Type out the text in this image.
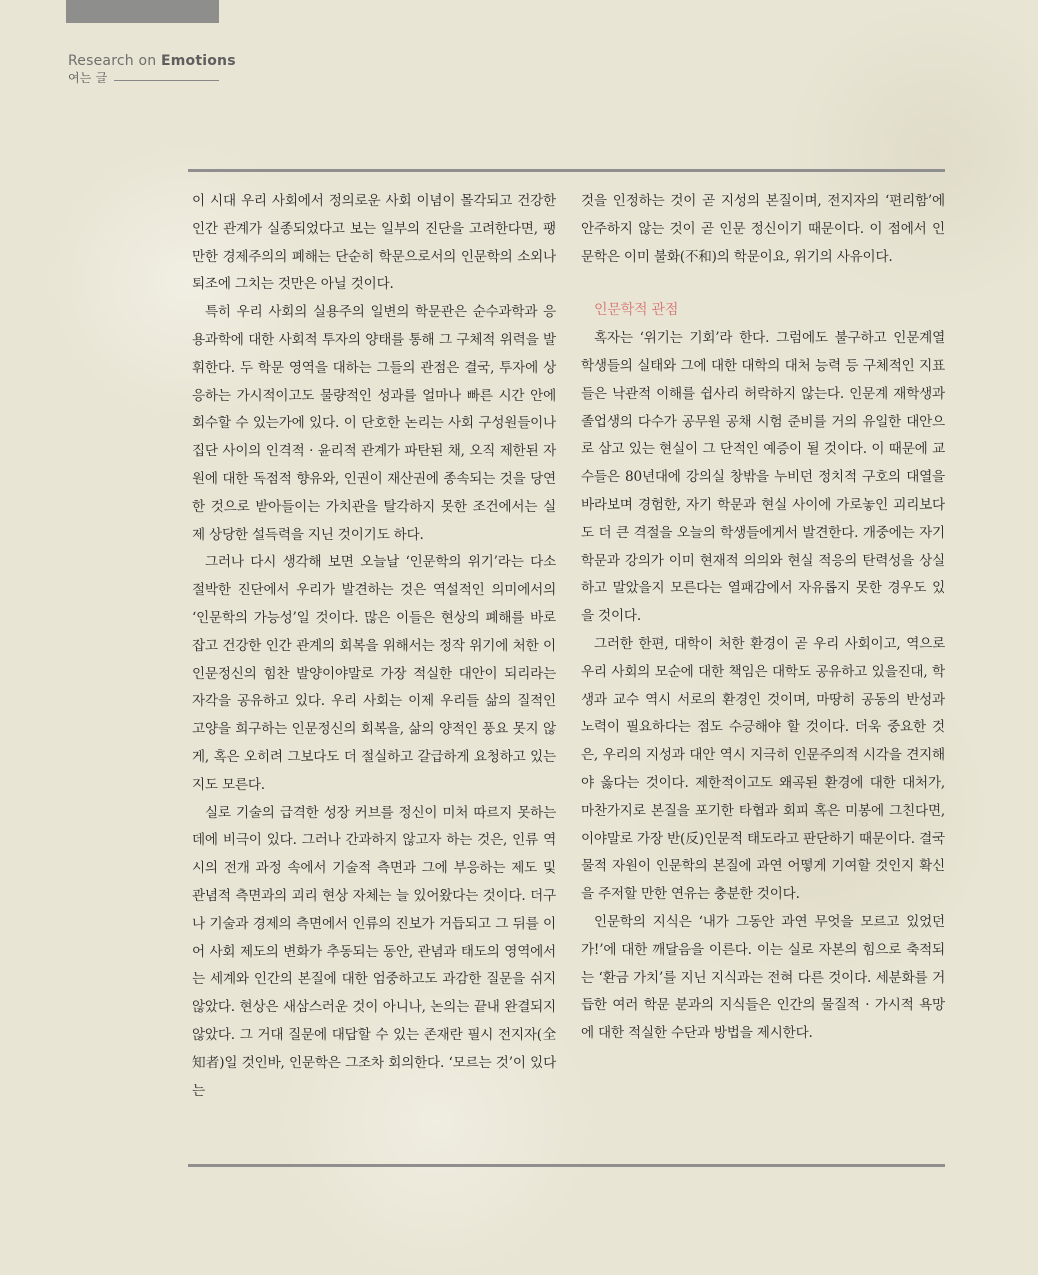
Research on Emotions
여는 글

이 시대 우리 사회에서 정의로운 사회 이념이 몰각되고 건강한 인간 관계가 실종되었다고 보는 일부의 진단을 고려한다면, 팽만한 경제주의의 폐해는 단순히 학문으로서의 인문학의 소외나 퇴조에 그치는 것만은 아닐 것이다.

특히 우리 사회의 실용주의 일변의 학문관은 순수과학과 응용과학에 대한 사회적 투자의 양태를 통해 그 구체적 위력을 발휘한다. 두 학문 영역을 대하는 그들의 관점은 결국, 투자에 상응하는 가시적이고도 물량적인 성과를 얼마나 빠른 시간 안에 회수할 수 있는가에 있다. 이 단호한 논리는 사회 구성원들이나 집단 사이의 인격적 · 윤리적 관계가 파탄된 채, 오직 제한된 자원에 대한 독점적 향유와, 인권이 재산권에 종속되는 것을 당연한 것으로 받아들이는 가치관을 탈각하지 못한 조건에서는 실제 상당한 설득력을 지닌 것이기도 하다.

그러나 다시 생각해 보면 오늘날 ‘인문학의 위기’라는 다소 절박한 진단에서 우리가 발견하는 것은 역설적인 의미에서의 ‘인문학의 가능성’일 것이다. 많은 이들은 현상의 폐해를 바로잡고 건강한 인간 관계의 회복을 위해서는 정작 위기에 처한 이 인문정신의 힘찬 발양이야말로 가장 적실한 대안이 되리라는 자각을 공유하고 있다. 우리 사회는 이제 우리들 삶의 질적인 고양을 희구하는 인문정신의 회복을, 삶의 양적인 풍요 못지 않게, 혹은 오히려 그보다도 더 절실하고 갈급하게 요청하고 있는지도 모른다.

실로 기술의 급격한 성장 커브를 정신이 미처 따르지 못하는 데에 비극이 있다. 그러나 간과하지 않고자 하는 것은, 인류 역시의 전개 과정 속에서 기술적 측면과 그에 부응하는 제도 및 관념적 측면과의 괴리 현상 자체는 늘 있어왔다는 것이다. 더구나 기술과 경제의 측면에서 인류의 진보가 거듭되고 그 뒤를 이어 사회 제도의 변화가 추동되는 동안, 관념과 태도의 영역에서는 세계와 인간의 본질에 대한 엄중하고도 과감한 질문을 쉬지 않았다. 현상은 새삼스러운 것이 아니나, 논의는 끝내 완결되지 않았다. 그 거대 질문에 대답할 수 있는 존재란 필시 전지자(全知者)일 것인바, 인문학은 그조차 회의한다. ‘모르는 것’이 있다는

것을 인정하는 것이 곧 지성의 본질이며, 전지자의 ‘편리함’에 안주하지 않는 것이 곧 인문 정신이기 때문이다. 이 점에서 인문학은 이미 불화(不和)의 학문이요, 위기의 사유이다.

인문학적 관점

혹자는 ‘위기는 기회’라 한다. 그럼에도 불구하고 인문계열 학생들의 실태와 그에 대한 대학의 대처 능력 등 구체적인 지표들은 낙관적 이해를 쉽사리 허락하지 않는다. 인문계 재학생과 졸업생의 다수가 공무원 공채 시험 준비를 거의 유일한 대안으로 삼고 있는 현실이 그 단적인 예증이 될 것이다. 이 때문에 교수들은 80년대에 강의실 창밖을 누비던 정치적 구호의 대열을 바라보며 경험한, 자기 학문과 현실 사이에 가로놓인 괴리보다도 더 큰 격절을 오늘의 학생들에게서 발견한다. 개중에는 자기 학문과 강의가 이미 현재적 의의와 현실 적응의 탄력성을 상실하고 말았을지 모른다는 열패감에서 자유롭지 못한 경우도 있을 것이다.

그러한 한편, 대학이 처한 환경이 곧 우리 사회이고, 역으로 우리 사회의 모순에 대한 책임은 대학도 공유하고 있을진대, 학생과 교수 역시 서로의 환경인 것이며, 마땅히 공동의 반성과 노력이 필요하다는 점도 수긍해야 할 것이다. 더욱 중요한 것은, 우리의 지성과 대안 역시 지극히 인문주의적 시각을 견지해야 옳다는 것이다. 제한적이고도 왜곡된 환경에 대한 대처가, 마찬가지로 본질을 포기한 타협과 회피 혹은 미봉에 그친다면, 이야말로 가장 반(反)인문적 태도라고 판단하기 때문이다. 결국 물적 자원이 인문학의 본질에 과연 어떻게 기여할 것인지 확신을 주저할 만한 연유는 충분한 것이다.

인문학의 지식은 ‘내가 그동안 과연 무엇을 모르고 있었던가!’에 대한 깨달음을 이른다. 이는 실로 자본의 힘으로 축적되는 ‘환금 가치’를 지닌 지식과는 전혀 다른 것이다. 세분화를 거듭한 여러 학문 분과의 지식들은 인간의 물질적 · 가시적 욕망에 대한 적실한 수단과 방법을 제시한다.
